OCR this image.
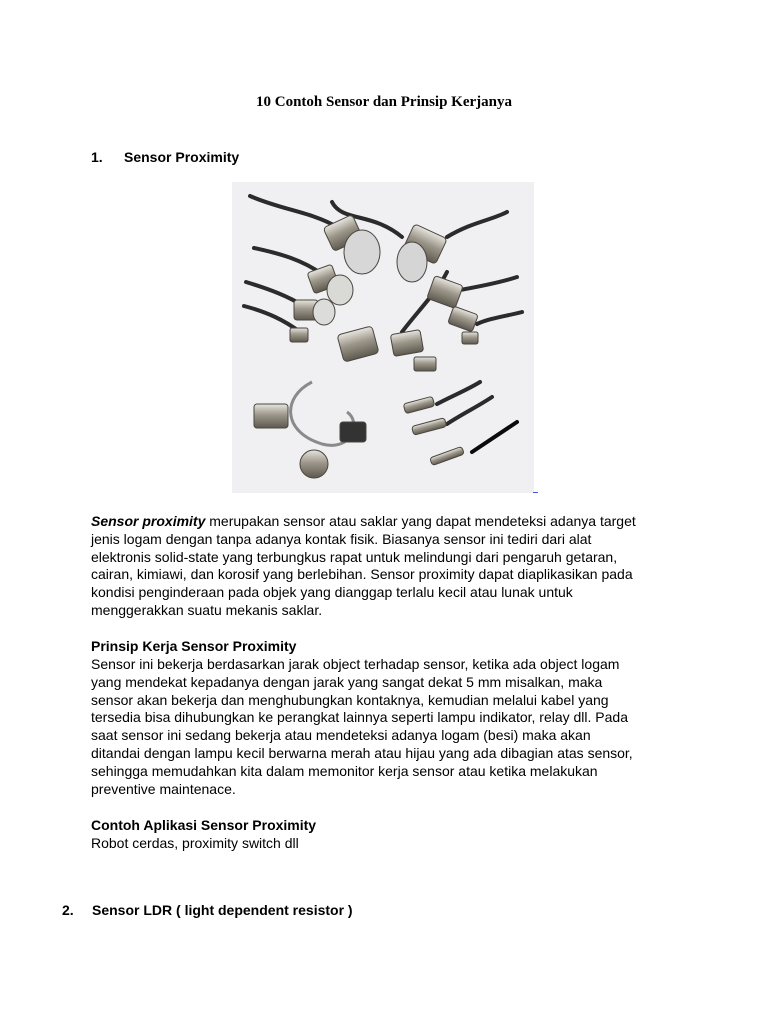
10 Contoh Sensor dan Prinsip Kerjanya
1. Sensor Proximity
Sensor proximity merupakan sensor atau saklar yang dapat mendeteksi adanya target
jenis logam dengan tanpa adanya kontak fisik. Biasanya sensor ini tediri dari alat
elektronis solid-state yang terbungkus rapat untuk melindungi dari pengaruh getaran,
cairan, kimiawi, dan korosif yang berlebihan. Sensor proximity dapat diaplikasikan pada
kondisi penginderaan pada objek yang dianggap terlalu kecil atau lunak untuk
menggerakkan suatu mekanis saklar.
Prinsip Kerja Sensor Proximity
Sensor ini bekerja berdasarkan jarak object terhadap sensor, ketika ada object logam
yang mendekat kepadanya dengan jarak yang sangat dekat 5 mm misalkan, maka
sensor akan bekerja dan menghubungkan kontaknya, kemudian melalui kabel yang
tersedia bisa dihubungkan ke perangkat lainnya seperti lampu indikator, relay dll. Pada
saat sensor ini sedang bekerja atau mendeteksi adanya logam (besi) maka akan
ditandai dengan lampu kecil berwarna merah atau hijau yang ada dibagian atas sensor,
sehingga memudahkan kita dalam memonitor kerja sensor atau ketika melakukan
preventive maintenace.
Contoh Aplikasi Sensor Proximity
Robot cerdas, proximity switch dll
2. Sensor LDR ( light dependent resistor )
